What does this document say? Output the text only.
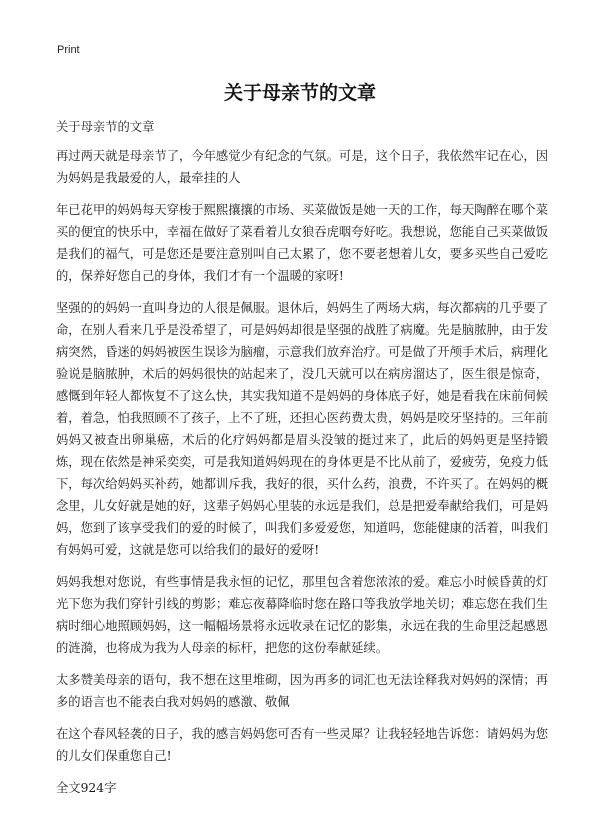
Print
关于母亲节的文章

关于母亲节的文章

再过两天就是母亲节了，今年感觉少有纪念的气氛。可是，这个日子，我依然牢记在心，因为妈妈是我最爱的人，最牵挂的人

年已花甲的妈妈每天穿梭于熙熙攘攘的市场、买菜做饭是她一天的工作，每天陶醉在哪个菜买的便宜的快乐中，幸福在做好了菜看着儿女狼吞虎咽夸好吃。我想说，您能自己买菜做饭是我们的福气，可是您还是要注意别叫自己太累了，您不要老想着儿女，要多买些自己爱吃的，保养好您自己的身体，我们才有一个温暖的家呀!

坚强的的妈妈一直叫身边的人很是佩服。退休后，妈妈生了两场大病，每次都病的几乎要了命，在别人看来几乎是没希望了，可是妈妈却很是坚强的战胜了病魔。先是脑脓肿，由于发病突然，昏迷的妈妈被医生误诊为脑瘤，示意我们放弃治疗。可是做了开颅手术后，病理化验说是脑脓肿，术后的妈妈很快的站起来了，没几天就可以在病房溜达了，医生很是惊奇，感慨到年轻人都恢复不了这么快，其实我知道不是妈妈的身体底子好，她是看我在床前伺候着，着急，怕我照顾不了孩子，上不了班，还担心医药费太贵，妈妈是咬牙坚持的。三年前妈妈又被查出卵巢癌，术后的化疗妈妈都是眉头没皱的挺过来了，此后的妈妈更是坚持锻炼，现在依然是神采奕奕，可是我知道妈妈现在的身体更是不比从前了，爱疲劳，免疫力低下，每次给妈妈买补药，她都训斥我，我好的很，买什么药，浪费，不许买了。在妈妈的概念里，儿女好就是她的好，这辈子妈妈心里装的永远是我们，总是把爱奉献给我们，可是妈妈，您到了该享受我们的爱的时候了，叫我们多爱爱您，知道吗，您能健康的活着，叫我们有妈妈可爱，这就是您可以给我们的最好的爱呀!

妈妈我想对您说，有些事情是我永恒的记忆，那里包含着您浓浓的爱。难忘小时候昏黄的灯光下您为我们穿针引线的剪影；难忘夜幕降临时您在路口等我放学地关切；难忘您在我们生病时细心地照顾妈妈，这一幅幅场景将永远收录在记忆的影集，永远在我的生命里泛起感恩的涟漪，也将成为我为人母亲的标杆，把您的这份奉献延续。

太多赞美母亲的语句，我不想在这里堆砌，因为再多的词汇也无法诠释我对妈妈的深情；再多的语言也不能表白我对妈妈的感激、敬佩

在这个春风轻袭的日子，我的感言妈妈您可否有一些灵犀？让我轻轻地告诉您：请妈妈为您的儿女们保重您自己!

全文924字
